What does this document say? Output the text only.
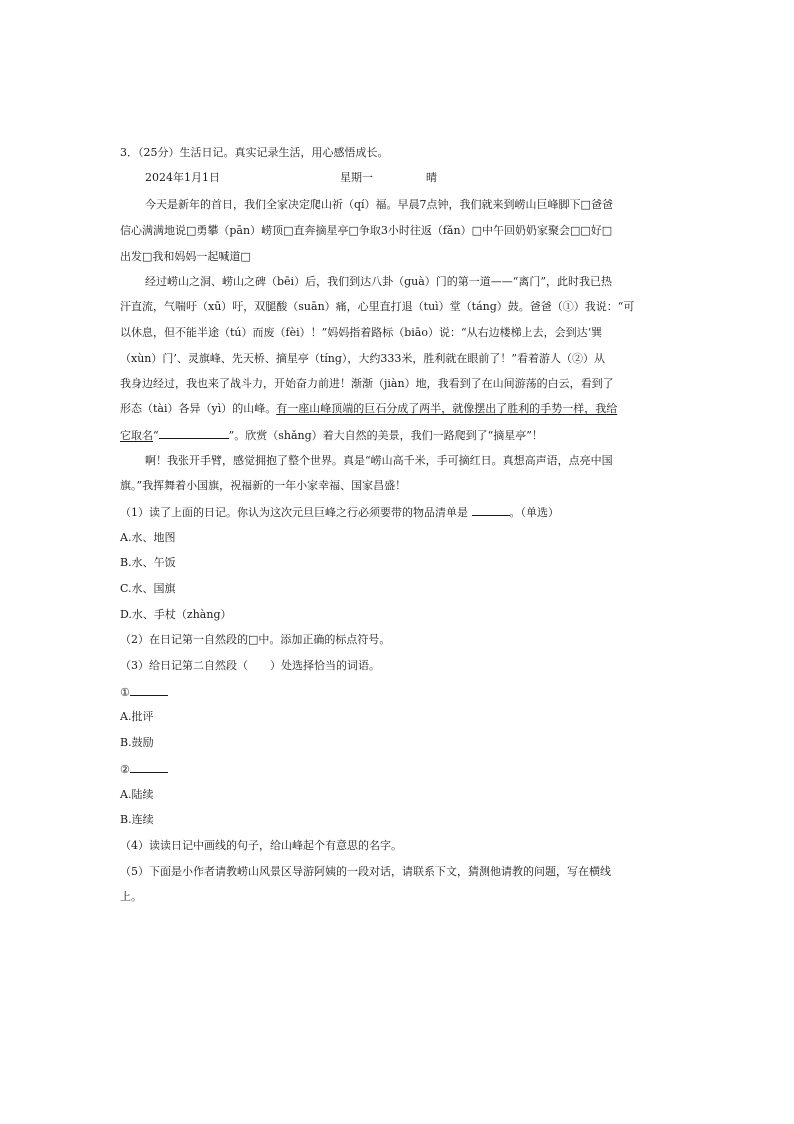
3．（25分）生活日记。真实记录生活，用心感悟成长。
2024年1月1日	星期一	晴
今天是新年的首日，我们全家决定爬山祈（qí）福。早晨7点钟，我们就来到崂山巨峰脚下□爸爸
信心满满地说□勇攀（pān）崂顶□直奔摘星亭□争取3小时往返（fǎn）□中午回奶奶家聚会□□好□
出发□我和妈妈一起喊道□
经过崂山之洞、崂山之碑（bēi）后，我们到达八卦（guà）门的第一道——“离门”，此时我已热
汗直流，气喘吁（xū）吁，双腿酸（suān）痛，心里直打退（tuì）堂（táng）鼓。爸爸（①）我说：“可
以休息，但不能半途（tú）而废（fèi）！”妈妈指着路标（biāo）说：“从右边楼梯上去，会到达‘巽
（xùn）门’、灵旗峰、先天桥、摘星亭（tíng），大约333米，胜利就在眼前了！”看着游人（②）从
我身边经过，我也来了战斗力，开始奋力前进！渐渐（jiàn）地，我看到了在山间游荡的白云，看到了
形态（tài）各异（yì）的山峰。有一座山峰顶端的巨石分成了两半，就像摆出了胜利的手势一样，我给
它取名“	”。欣赏（shǎng）着大自然的美景，我们一路爬到了“摘星亭”！
啊！我张开手臂，感觉拥抱了整个世界。真是“崂山高千米，手可摘红日。真想高声语，点亮中国
旗。”我挥舞着小国旗，祝福新的一年小家幸福、国家昌盛！
（1）读了上面的日记。你认为这次元旦巨峰之行必须要带的物品清单是	。（单选）
A.水、地图
B.水、午饭
C.水、国旗
D.水、手杖（zhàng）
（2）在日记第一自然段的□中。添加正确的标点符号。
（3）给日记第二自然段（　　）处选择恰当的词语。
①
A.批评
B.鼓励
②
A.陆续
B.连续
（4）读读日记中画线的句子，给山峰起个有意思的名字。
（5）下面是小作者请教崂山风景区导游阿姨的一段对话，请联系下文，猜测他请教的问题，写在横线
上。
